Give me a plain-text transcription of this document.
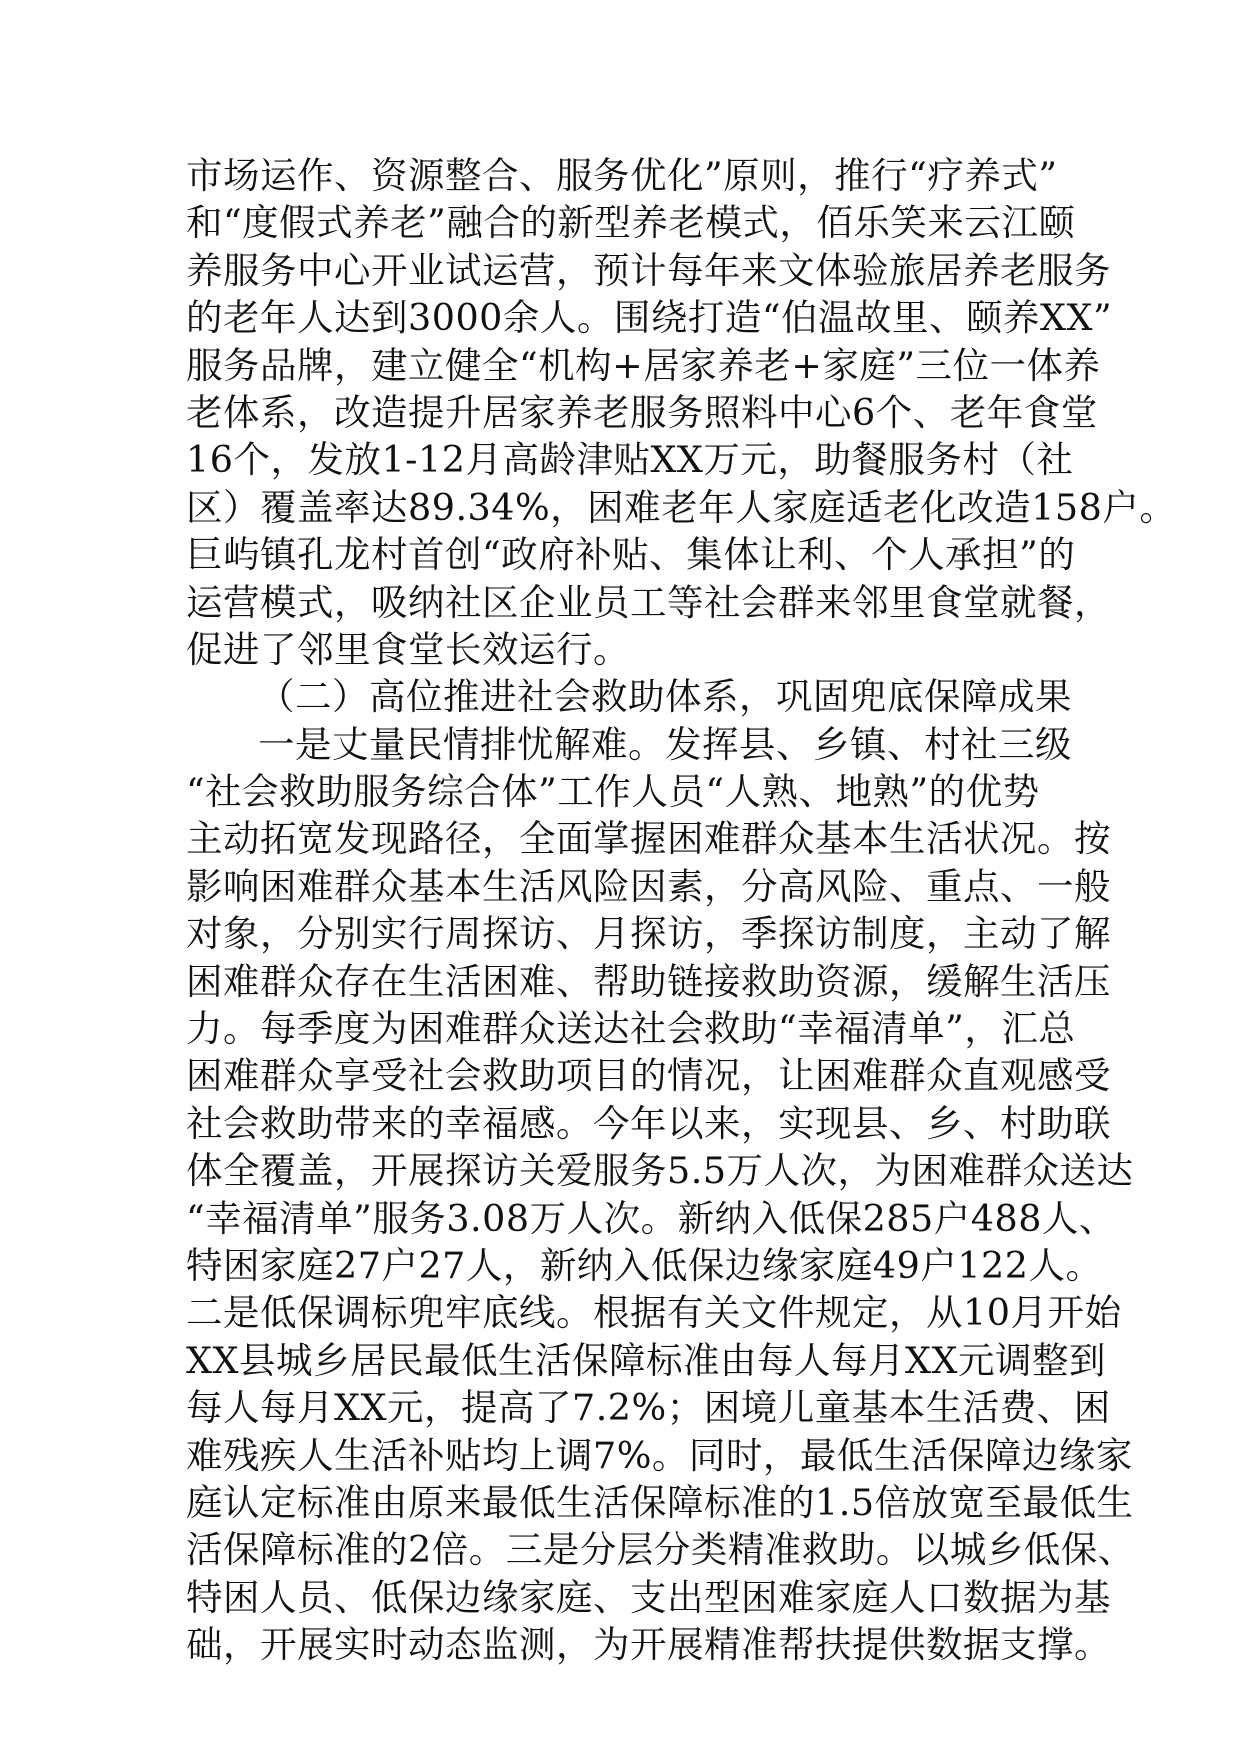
市场运作、资源整合、服务优化”原则，推行“疗养式”
和“度假式养老”融合的新型养老模式，佰乐笑来云江颐
养服务中心开业试运营，预计每年来文体验旅居养老服务
的老年人达到3000余人。围绕打造“伯温故里、颐养XX”
服务品牌，建立健全“机构+居家养老+家庭”三位一体养
老体系，改造提升居家养老服务照料中心6个、老年食堂
16个，发放1-12月高龄津贴XX万元，助餐服务村（社
区）覆盖率达89.34%，困难老年人家庭适老化改造158户。
巨屿镇孔龙村首创“政府补贴、集体让利、个人承担”的
运营模式，吸纳社区企业员工等社会群来邻里食堂就餐，
促进了邻里食堂长效运行。
（二）高位推进社会救助体系，巩固兜底保障成果
一是丈量民情排忧解难。发挥县、乡镇、村社三级
“社会救助服务综合体”工作人员“人熟、地熟”的优势
主动拓宽发现路径，全面掌握困难群众基本生活状况。按
影响困难群众基本生活风险因素，分高风险、重点、一般
对象，分别实行周探访、月探访，季探访制度，主动了解
困难群众存在生活困难、帮助链接救助资源，缓解生活压
力。每季度为困难群众送达社会救助“幸福清单”，汇总
困难群众享受社会救助项目的情况，让困难群众直观感受
社会救助带来的幸福感。今年以来，实现县、乡、村助联
体全覆盖，开展探访关爱服务5.5万人次，为困难群众送达
“幸福清单”服务3.08万人次。新纳入低保285户488人、
特困家庭27户27人，新纳入低保边缘家庭49户122人。
二是低保调标兜牢底线。根据有关文件规定，从10月开始
XX县城乡居民最低生活保障标准由每人每月XX元调整到
每人每月XX元，提高了7.2%；困境儿童基本生活费、困
难残疾人生活补贴均上调7%。同时，最低生活保障边缘家
庭认定标准由原来最低生活保障标准的1.5倍放宽至最低生
活保障标准的2倍。三是分层分类精准救助。以城乡低保、
特困人员、低保边缘家庭、支出型困难家庭人口数据为基
础，开展实时动态监测，为开展精准帮扶提供数据支撑。
